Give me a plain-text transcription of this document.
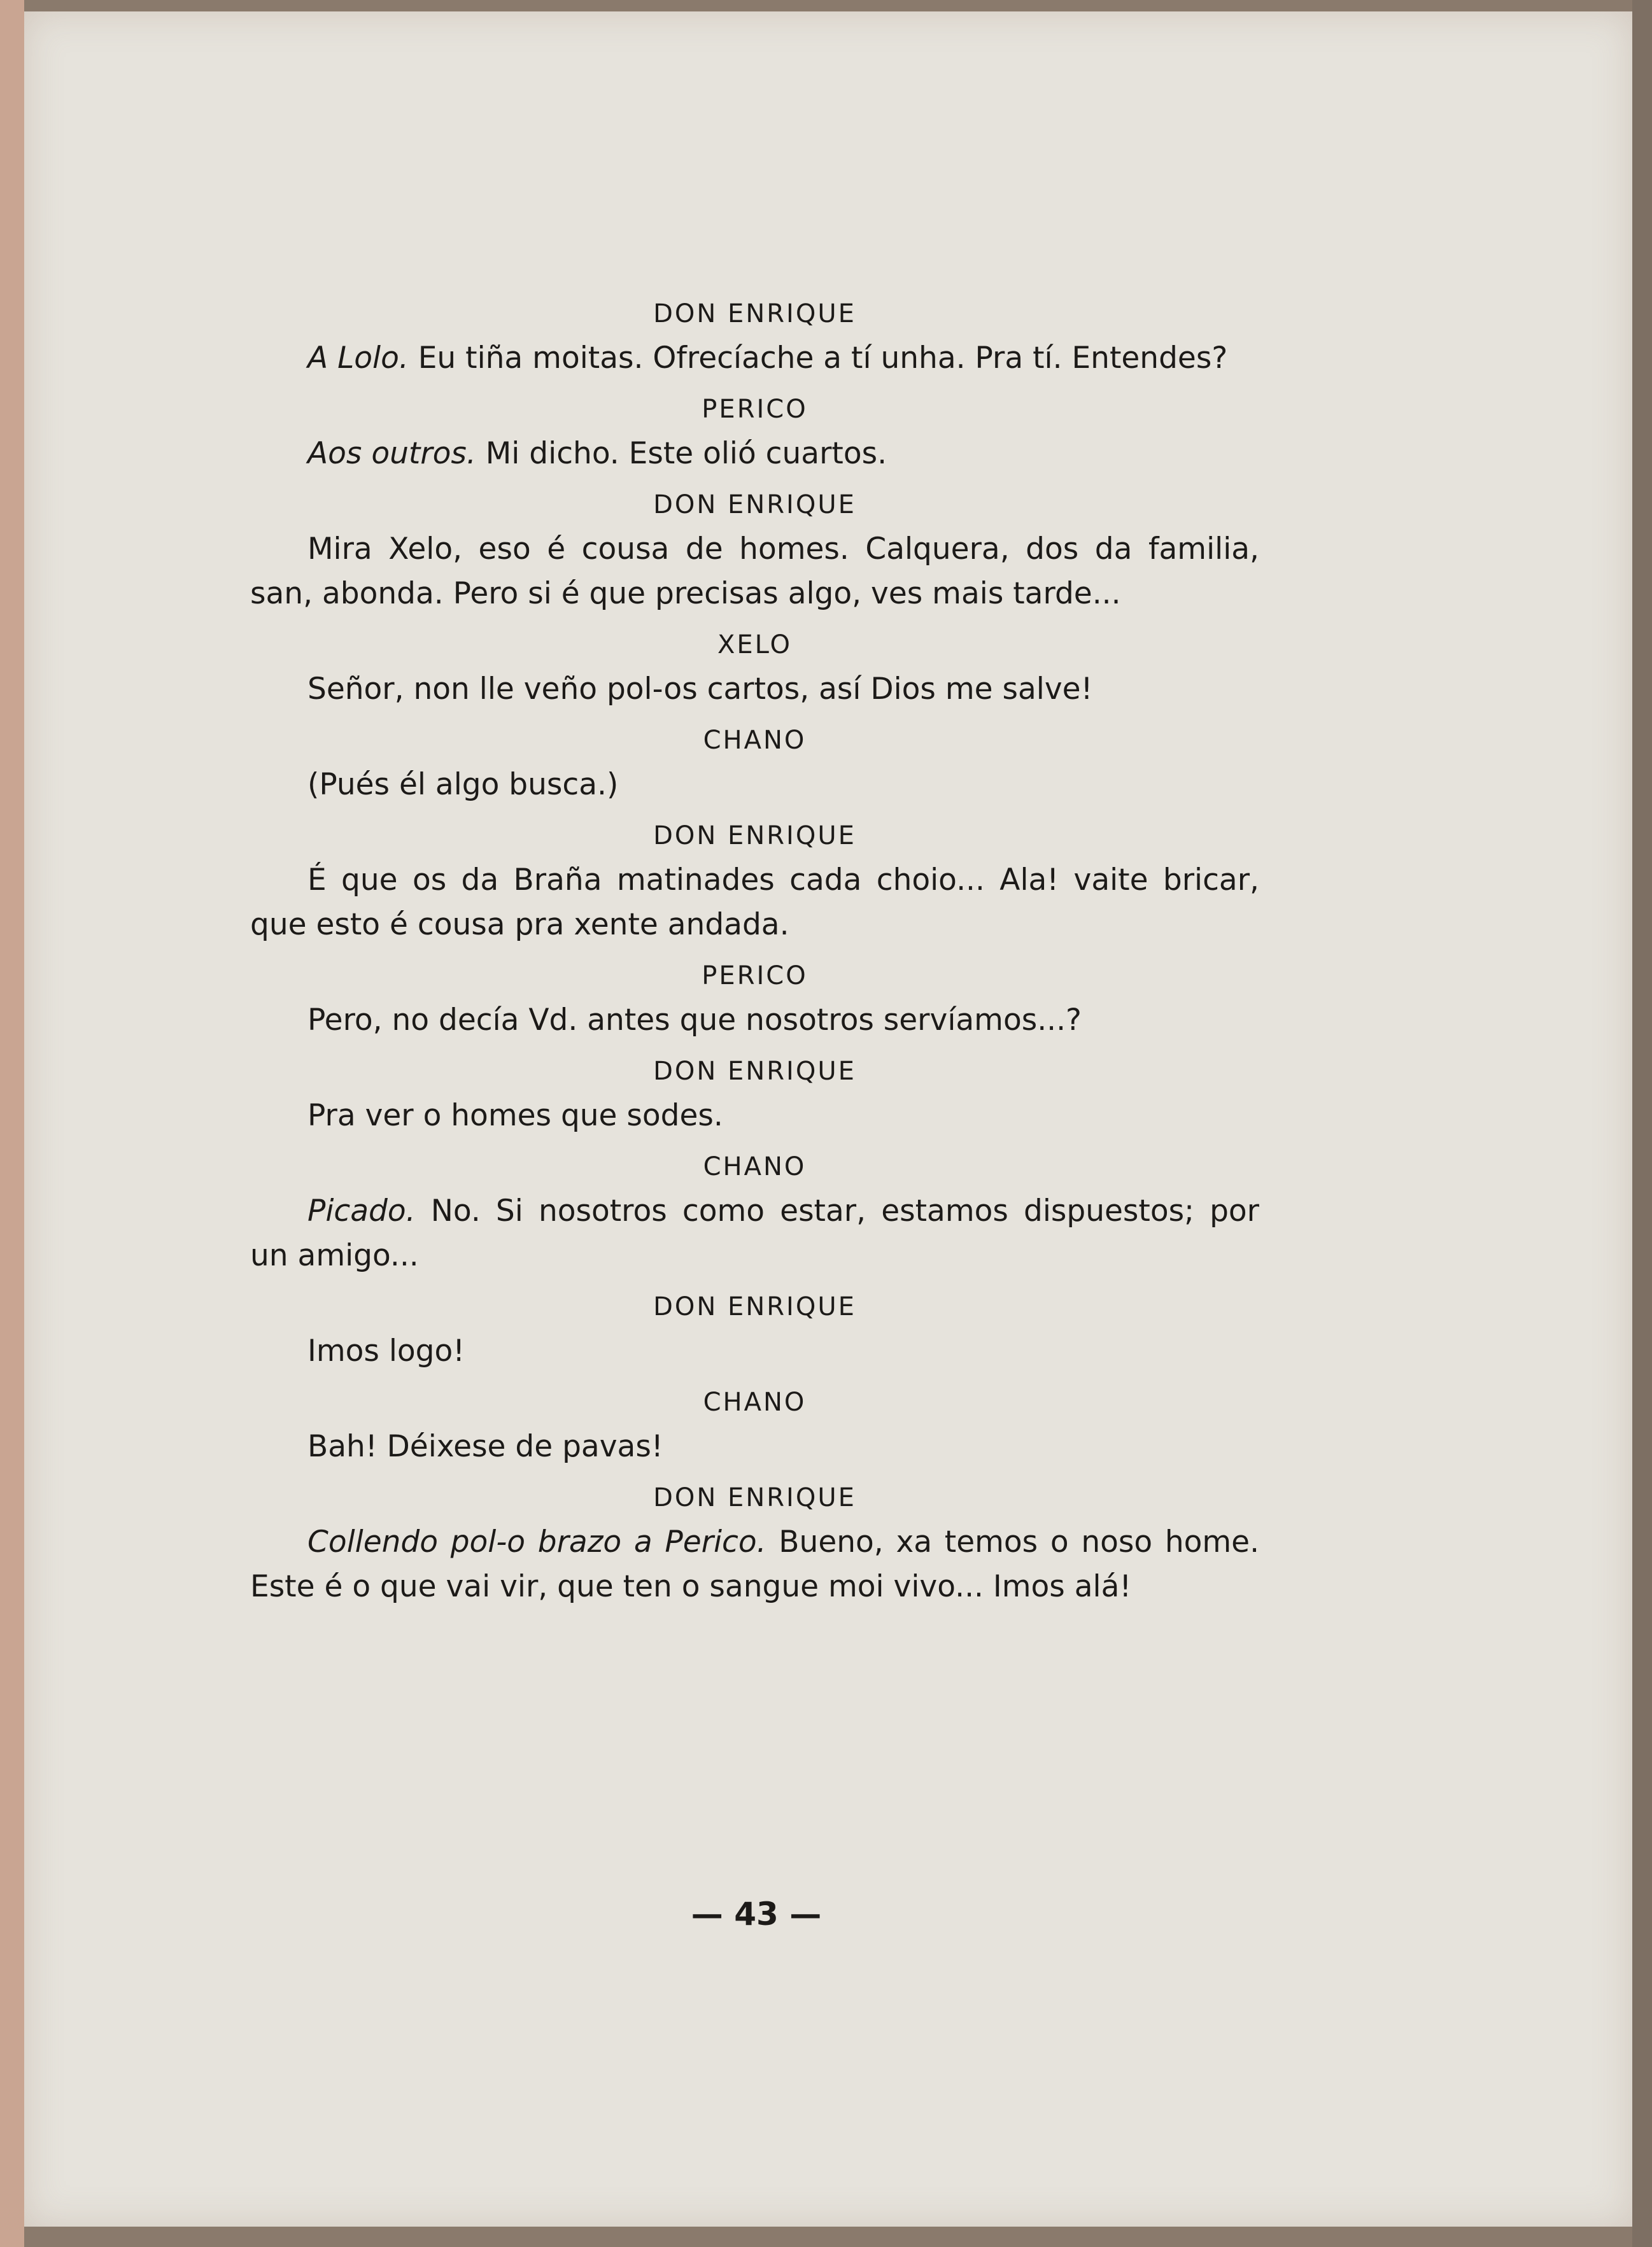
DON ENRIQUE

A Lolo. Eu tiña moitas. Ofrecíache a tí unha. Pra tí. Entendes?

PERICO

Aos outros. Mi dicho. Este olió cuartos.

DON ENRIQUE

Mira Xelo, eso é cousa de homes. Calquera, dos da familia, san, abonda. Pero si é que precisas algo, ves mais tarde...

XELO

Señor, non lle veño pol-os cartos, así Dios me salve!

CHANO

(Pués él algo busca.)

DON ENRIQUE

É que os da Braña matinades cada choio... Ala! vaite bricar, que esto é cousa pra xente andada.

PERICO

Pero, no decía Vd. antes que nosotros servíamos...?

DON ENRIQUE

Pra ver o homes que sodes.

CHANO

Picado. No. Si nosotros como estar, estamos dispuestos; por un amigo...

DON ENRIQUE

Imos logo!

CHANO

Bah! Déixese de pavas!

DON ENRIQUE

Collendo pol-o brazo a Perico. Bueno, xa temos o noso home. Este é o que vai vir, que ten o sangue moi vivo... Imos alá!

— 43 —
